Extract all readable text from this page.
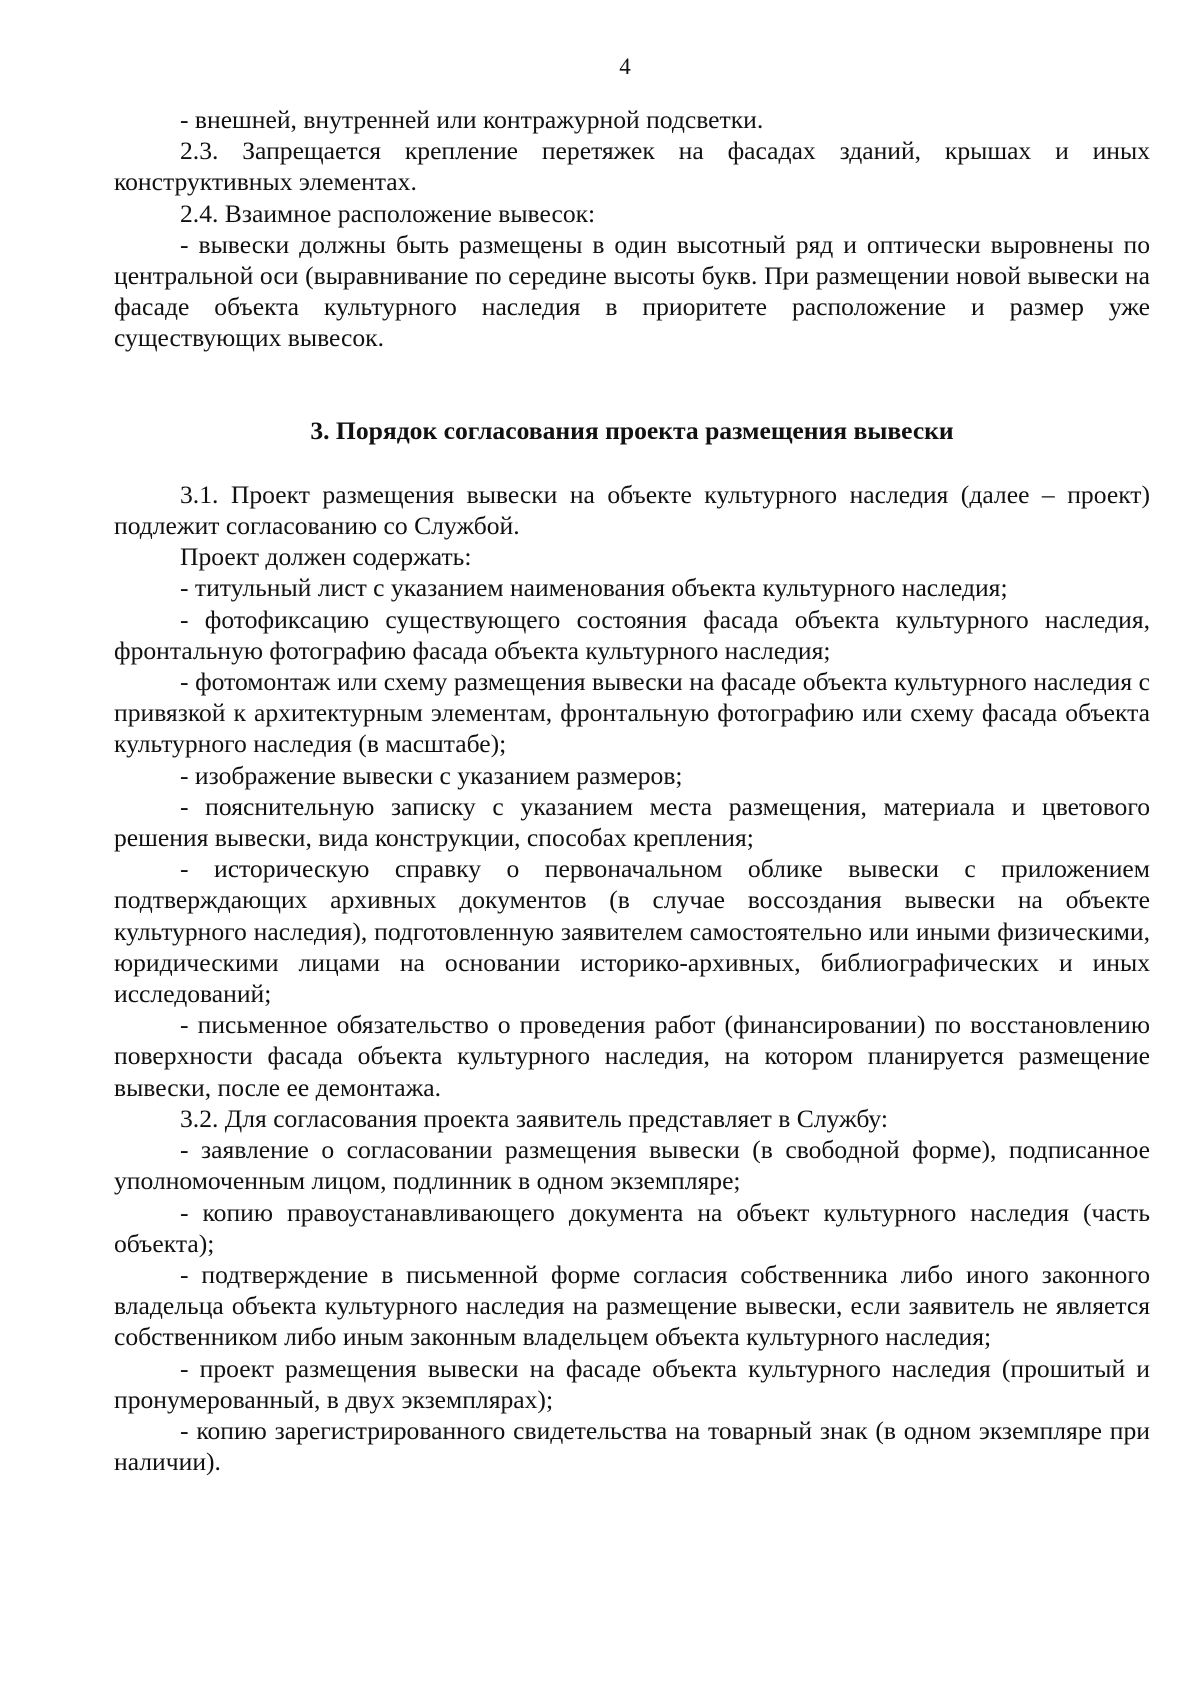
4

- внешней, внутренней или контражурной подсветки.

2.3. Запрещается крепление перетяжек на фасадах зданий, крышах и иных конструктивных элементах.

2.4. Взаимное расположение вывесок:

- вывески должны быть размещены в один высотный ряд и оптически выровнены по центральной оси (выравнивание по середине высоты букв. При размещении новой вывески на фасаде объекта культурного наследия в приоритете расположение и размер уже существующих вывесок.

3. Порядок согласования проекта размещения вывески

3.1. Проект размещения вывески на объекте культурного наследия (далее – проект) подлежит согласованию со Службой.

Проект должен содержать:

- титульный лист с указанием наименования объекта культурного наследия;

- фотофиксацию существующего состояния фасада объекта культурного наследия, фронтальную фотографию фасада объекта культурного наследия;

- фотомонтаж или схему размещения вывески на фасаде объекта культурного наследия с привязкой к архитектурным элементам, фронтальную фотографию или схему фасада объекта культурного наследия (в масштабе);

- изображение вывески с указанием размеров;

- пояснительную записку с указанием места размещения, материала и цветового решения вывески, вида конструкции, способах крепления;

- историческую справку о первоначальном облике вывески с приложением подтверждающих архивных документов (в случае воссоздания вывески на объекте культурного наследия), подготовленную заявителем самостоятельно или иными физическими, юридическими лицами на основании историко-архивных, библиографических и иных исследований;

- письменное обязательство о проведения работ (финансировании) по восстановлению поверхности фасада объекта культурного наследия, на котором планируется размещение вывески, после ее демонтажа.

3.2. Для согласования проекта заявитель представляет в Службу:

- заявление о согласовании размещения вывески (в свободной форме), подписанное уполномоченным лицом, подлинник в одном экземпляре;

- копию правоустанавливающего документа на объект культурного наследия (часть объекта);

- подтверждение в письменной форме согласия собственника либо иного законного владельца объекта культурного наследия на размещение вывески, если заявитель не является собственником либо иным законным владельцем объекта культурного наследия;

- проект размещения вывески на фасаде объекта культурного наследия (прошитый и пронумерованный, в двух экземплярах);

- копию зарегистрированного свидетельства на товарный знак (в одном экземпляре при наличии).
